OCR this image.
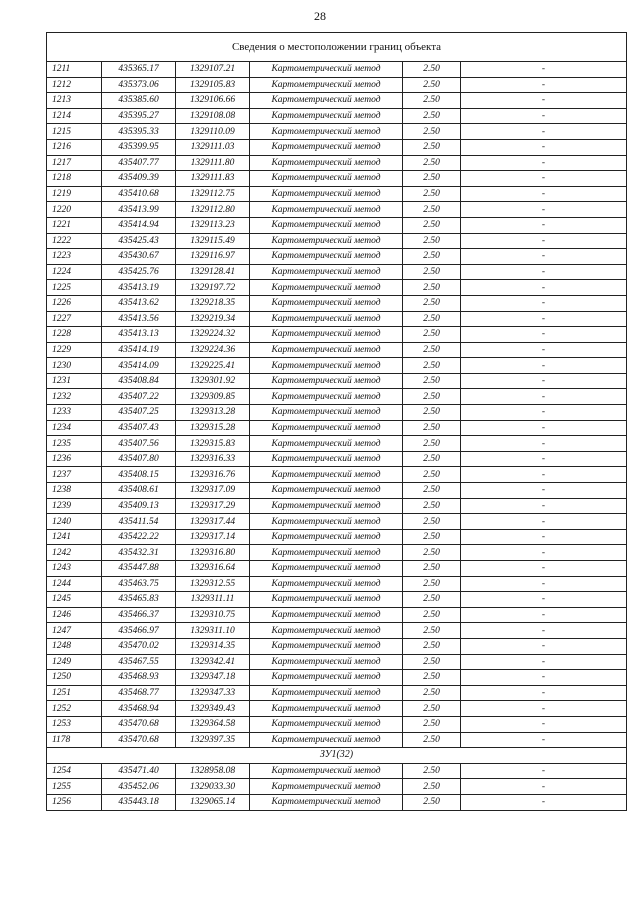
28
Сведения о местоположении границ объекта					
1211	435365.17	1329107.21	Картометрический метод	2.50	-
1212	435373.06	1329105.83	Картометрический метод	2.50	-
1213	435385.60	1329106.66	Картометрический метод	2.50	-
1214	435395.27	1329108.08	Картометрический метод	2.50	-
1215	435395.33	1329110.09	Картометрический метод	2.50	-
1216	435399.95	1329111.03	Картометрический метод	2.50	-
1217	435407.77	1329111.80	Картометрический метод	2.50	-
1218	435409.39	1329111.83	Картометрический метод	2.50	-
1219	435410.68	1329112.75	Картометрический метод	2.50	-
1220	435413.99	1329112.80	Картометрический метод	2.50	-
1221	435414.94	1329113.23	Картометрический метод	2.50	-
1222	435425.43	1329115.49	Картометрический метод	2.50	-
1223	435430.67	1329116.97	Картометрический метод	2.50	-
1224	435425.76	1329128.41	Картометрический метод	2.50	-
1225	435413.19	1329197.72	Картометрический метод	2.50	-
1226	435413.62	1329218.35	Картометрический метод	2.50	-
1227	435413.56	1329219.34	Картометрический метод	2.50	-
1228	435413.13	1329224.32	Картометрический метод	2.50	-
1229	435414.19	1329224.36	Картометрический метод	2.50	-
1230	435414.09	1329225.41	Картометрический метод	2.50	-
1231	435408.84	1329301.92	Картометрический метод	2.50	-
1232	435407.22	1329309.85	Картометрический метод	2.50	-
1233	435407.25	1329313.28	Картометрический метод	2.50	-
1234	435407.43	1329315.28	Картометрический метод	2.50	-
1235	435407.56	1329315.83	Картометрический метод	2.50	-
1236	435407.80	1329316.33	Картометрический метод	2.50	-
1237	435408.15	1329316.76	Картометрический метод	2.50	-
1238	435408.61	1329317.09	Картометрический метод	2.50	-
1239	435409.13	1329317.29	Картометрический метод	2.50	-
1240	435411.54	1329317.44	Картометрический метод	2.50	-
1241	435422.22	1329317.14	Картометрический метод	2.50	-
1242	435432.31	1329316.80	Картометрический метод	2.50	-
1243	435447.88	1329316.64	Картометрический метод	2.50	-
1244	435463.75	1329312.55	Картометрический метод	2.50	-
1245	435465.83	1329311.11	Картометрический метод	2.50	-
1246	435466.37	1329310.75	Картометрический метод	2.50	-
1247	435466.97	1329311.10	Картометрический метод	2.50	-
1248	435470.02	1329314.35	Картометрический метод	2.50	-
1249	435467.55	1329342.41	Картометрический метод	2.50	-
1250	435468.93	1329347.18	Картометрический метод	2.50	-
1251	435468.77	1329347.33	Картометрический метод	2.50	-
1252	435468.94	1329349.43	Картометрический метод	2.50	-
1253	435470.68	1329364.58	Картометрический метод	2.50	-
1178	435470.68	1329397.35	Картометрический метод	2.50	-
ЗУ1(32)					
1254	435471.40	1328958.08	Картометрический метод	2.50	-
1255	435452.06	1329033.30	Картометрический метод	2.50	-
1256	435443.18	1329065.14	Картометрический метод	2.50	-
